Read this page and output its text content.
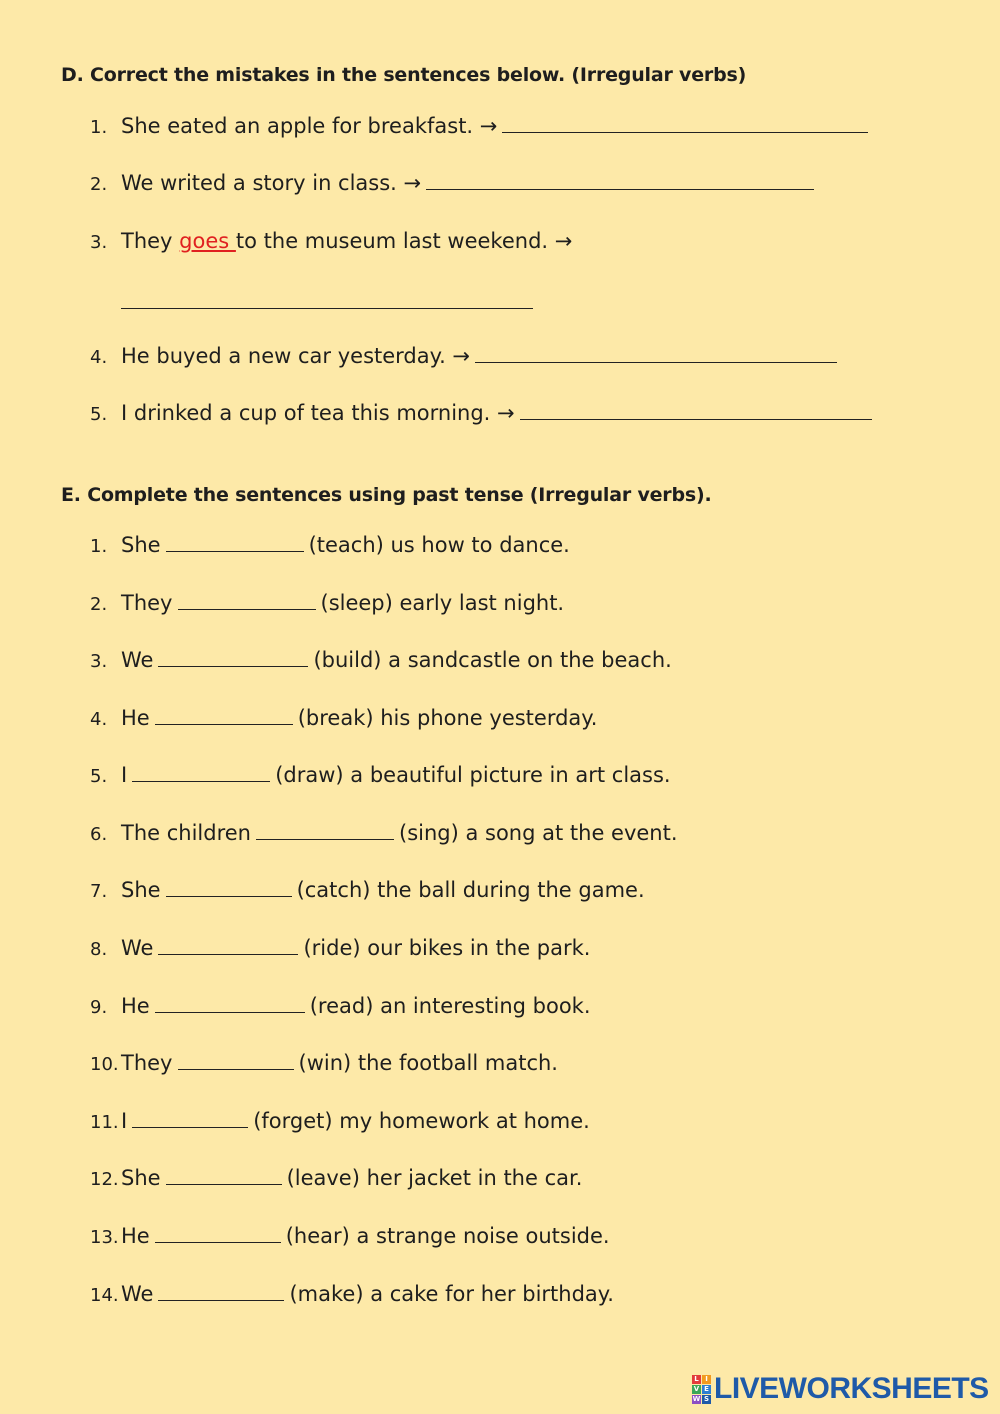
D. Correct the mistakes in the sentences below. (Irregular verbs)
1. She eated an apple for breakfast. →
2. We writed a story in class. →
3. They goes to the museum last weekend. →
4. He buyed a new car yesterday. →
5. I drinked a cup of tea this morning. →
E. Complete the sentences using past tense (Irregular verbs).
1. She	(teach) us how to dance.
2. They	(sleep) early last night.
3. We	(build) a sandcastle on the beach.
4. He	(break) his phone yesterday.
5. I	(draw) a beautiful picture in art class.
6. The children	(sing) a song at the event.
7. She	(catch) the ball during the game.
8. We	(ride) our bikes in the park.
9. He	(read) an interesting book.
10. They	(win) the football match.
11. I	(forget) my homework at home.
12. She	(leave) her jacket in the car.
13. He	(hear) a strange noise outside.
14. We	(make) a cake for her birthday.
L I
V E
W S LIVEWORKSHEETS
